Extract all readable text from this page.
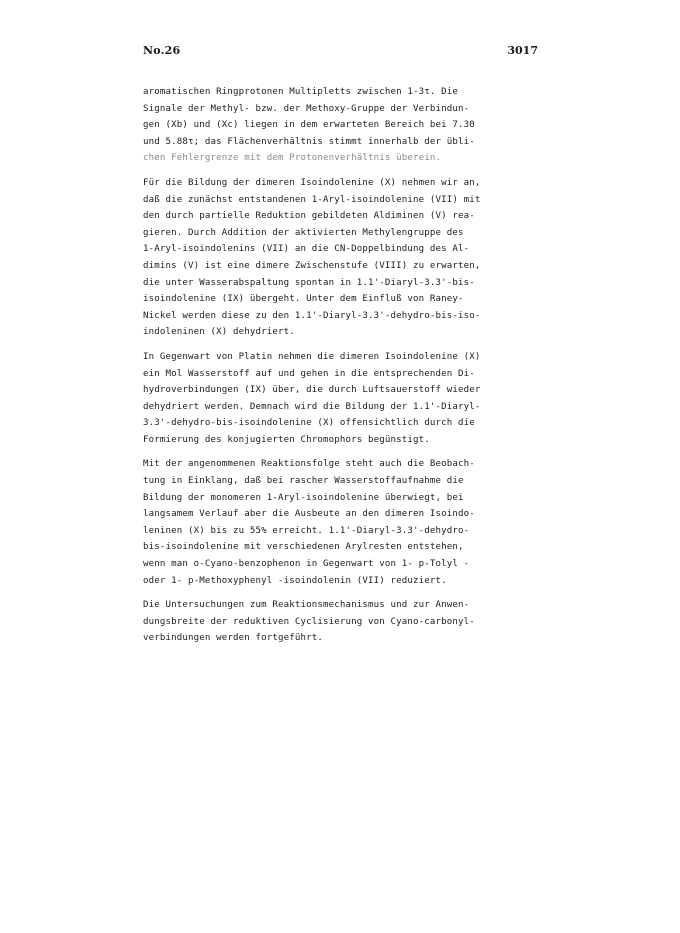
No.26	3017
aromatischen Ringprotonen Multipletts zwischen 1-3τ. Die
Signale der Methyl- bzw. der Methoxy-Gruppe der Verbindun-
gen (Xb) und (Xc) liegen in dem erwarteten Bereich bei 7.30
und 5.88τ; das Flächenverhältnis stimmt innerhalb der übli-
chen Fehlergrenze mit dem Protonenverhältnis überein.
Für die Bildung der dimeren Isoindolenine (X) nehmen wir an,
daß die zunächst entstandenen 1-Aryl-isoindolenine (VII) mit
den durch partielle Reduktion gebildeten Aldiminen (V) rea-
gieren. Durch Addition der aktivierten Methylengruppe des
1-Aryl-isoindolenins (VII) an die CN-Doppelbindung des Al-
dimins (V) ist eine dimere Zwischenstufe (VIII) zu erwarten,
die unter Wasserabspaltung spontan in 1.1'-Diaryl-3.3'-bis-
isoindolenine (IX) übergeht. Unter dem Einfluß von Raney-
Nickel werden diese zu den 1.1'-Diaryl-3.3'-dehydro-bis-iso-
indoleninen (X) dehydriert.
In Gegenwart von Platin nehmen die dimeren Isoindolenine (X)
ein Mol Wasserstoff auf und gehen in die entsprechenden Di-
hydroverbindungen (IX) über, die durch Luftsauerstoff wieder
dehydriert werden. Demnach wird die Bildung der 1.1'-Diaryl-
3.3'-dehydro-bis-isoindolenine (X) offensichtlich durch die
Formierung des konjugierten Chromophors begünstigt.
Mit der angenommenen Reaktionsfolge steht auch die Beobach-
tung in Einklang, daß bei rascher Wasserstoffaufnahme die
Bildung der monomeren 1-Aryl-isoindolenine überwiegt, bei
langsamem Verlauf aber die Ausbeute an den dimeren Isoindo-
leninen (X) bis zu 55% erreicht. 1.1'-Diaryl-3.3'-dehydro-
bis-isoindolenine mit verschiedenen Arylresten entstehen,
wenn man o-Cyano-benzophenon in Gegenwart von 1- p-Tolyl -
oder 1- p-Methoxyphenyl -isoindolenin (VII) reduziert.
Die Untersuchungen zum Reaktionsmechanismus und zur Anwen-
dungsbreite der reduktiven Cyclisierung von Cyano-carbonyl-
verbindungen werden fortgeführt.
